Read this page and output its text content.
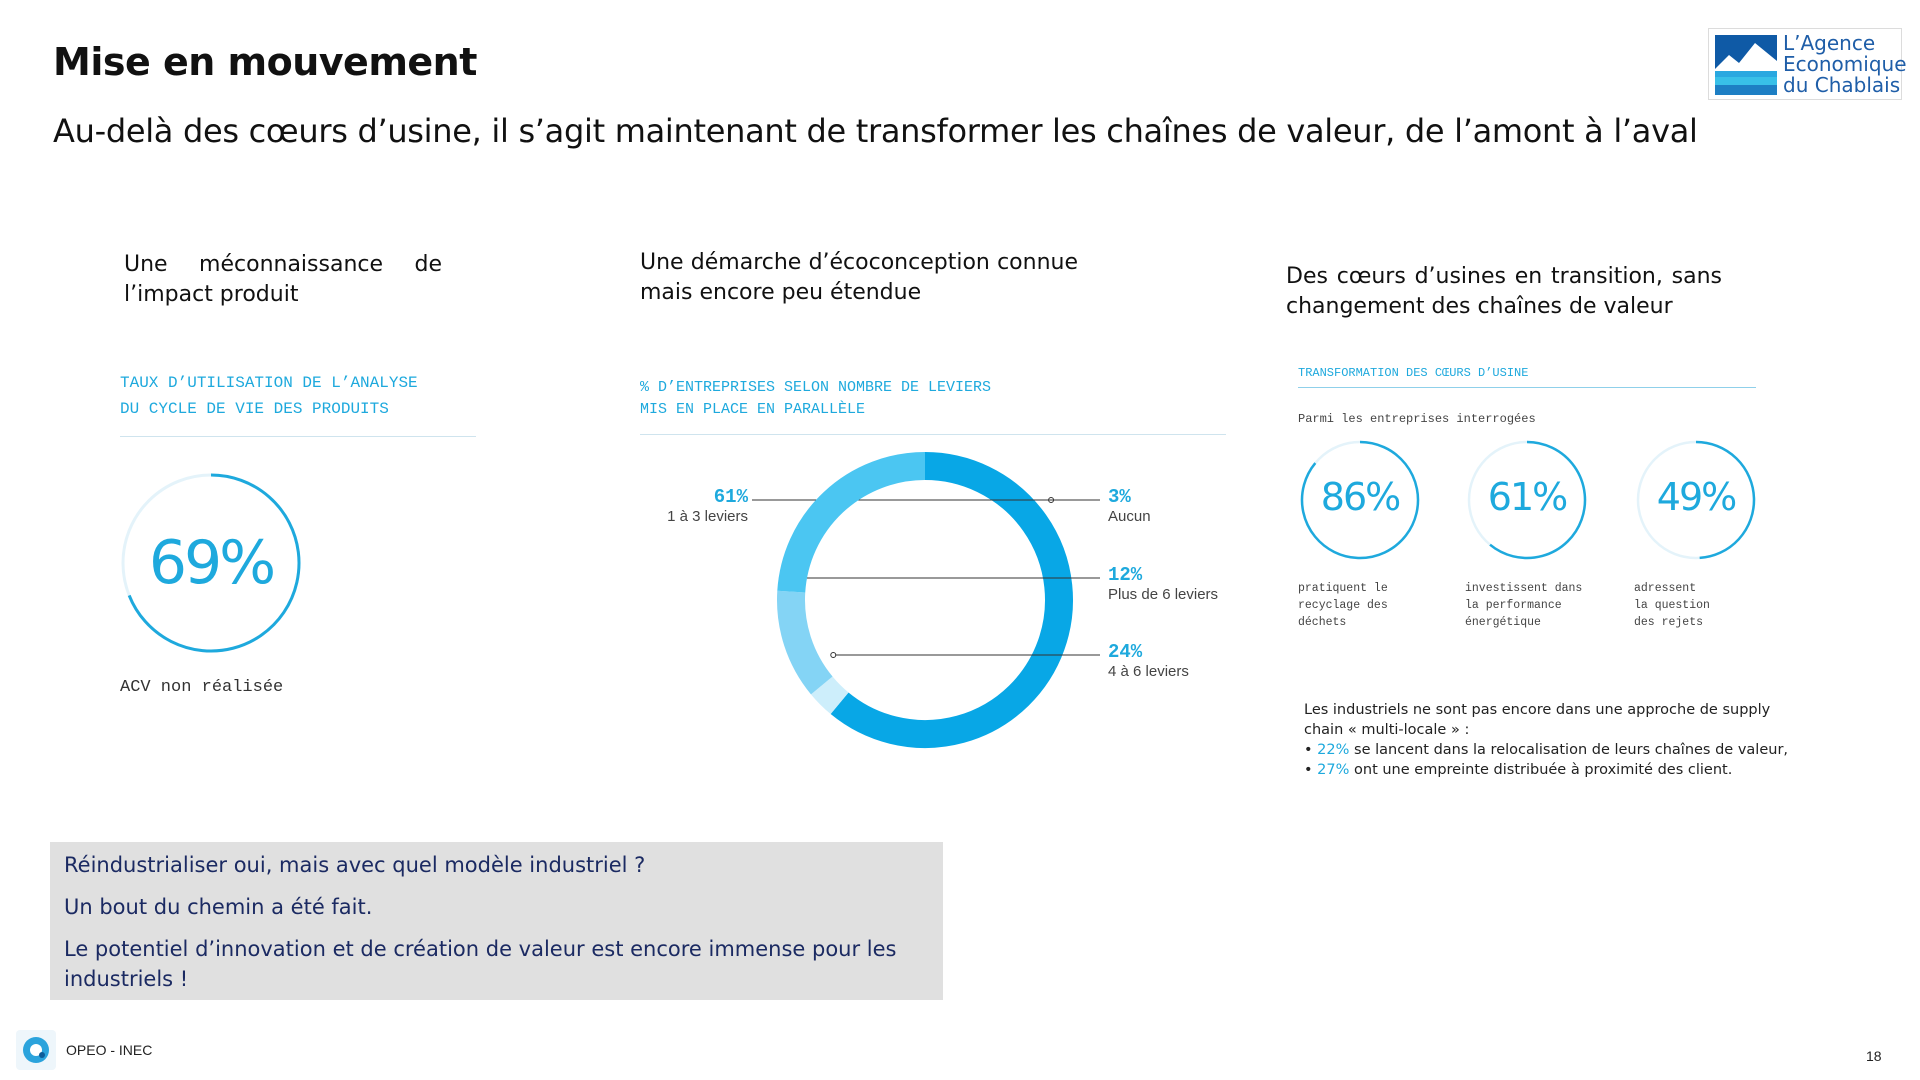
Mise en mouvement
Au-delà des cœurs d’usine, il s’agit maintenant de transformer les chaînes de valeur, de l’amont à l’aval
L’Agence
Economique
du Chablais
Une méconnaissance de
l’impact produit
Une démarche d’écoconception connue mais encore peu étendue
Des cœurs d’usines en transition, sans changement des chaînes de valeur
TAUX D’UTILISATION DE L’ANALYSE
DU CYCLE DE VIE DES PRODUITS
69%
ACV non réalisée
% D’ENTREPRISES SELON NOMBRE DE LEVIERS
MIS EN PLACE EN PARALLÈLE
61%
1 à 3 leviers
3%
Aucun
12%
Plus de 6 leviers
24%
4 à 6 leviers
TRANSFORMATION DES CŒURS D’USINE
Parmi les entreprises interrogées
86%
pratiquent le
recyclage des
déchets
61%
investissent dans
la performance
énergétique
49%
adressent
la question
des rejets

Les industriels ne sont pas encore dans une approche de supply chain « multi-locale » :

• 22% se lancent dans la relocalisation de leurs chaînes de valeur,
• 27% ont une empreinte distribuée à proximité des client.

Réindustrialiser oui, mais avec quel modèle industriel ?

Un bout du chemin a été fait.

Le potentiel d’innovation et de création de valeur est encore immense pour les industriels !

OPEO - INEC	18
